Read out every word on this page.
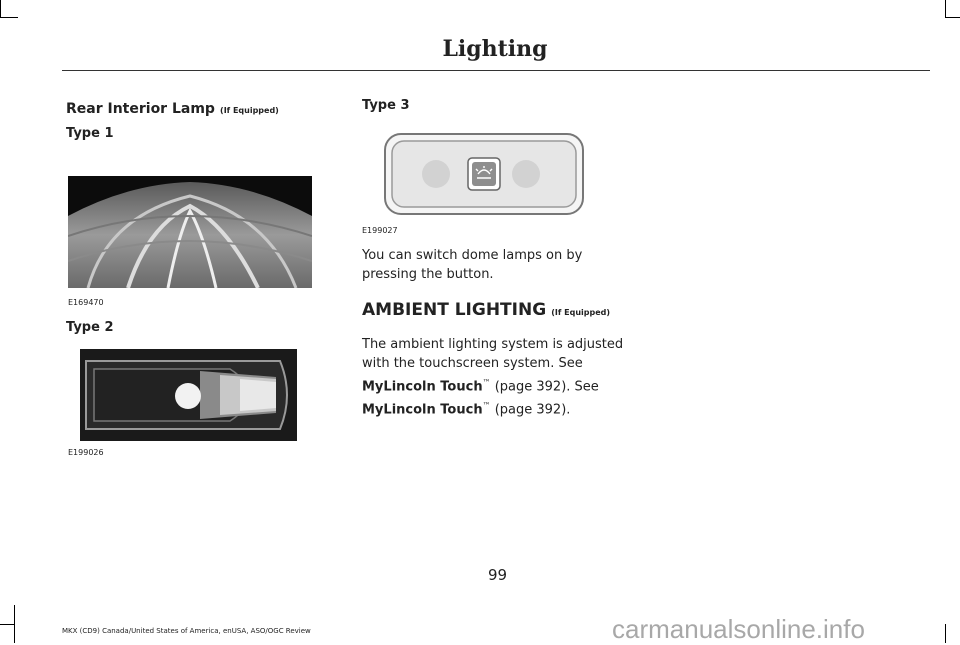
Lighting
Rear Interior Lamp (If Equipped)
Type 1
E169470
Type 2
E199026
Type 3
E199027
You can switch dome lamps on by pressing the button.
AMBIENT LIGHTING (If Equipped)
The ambient lighting system is adjusted with the touchscreen system. See MyLincoln Touch™ (page 392). See MyLincoln Touch™ (page 392).
99
MKX (CD9) Canada/United States of America, enUSA, ASO/OGC Review	carmanualsonline.info
